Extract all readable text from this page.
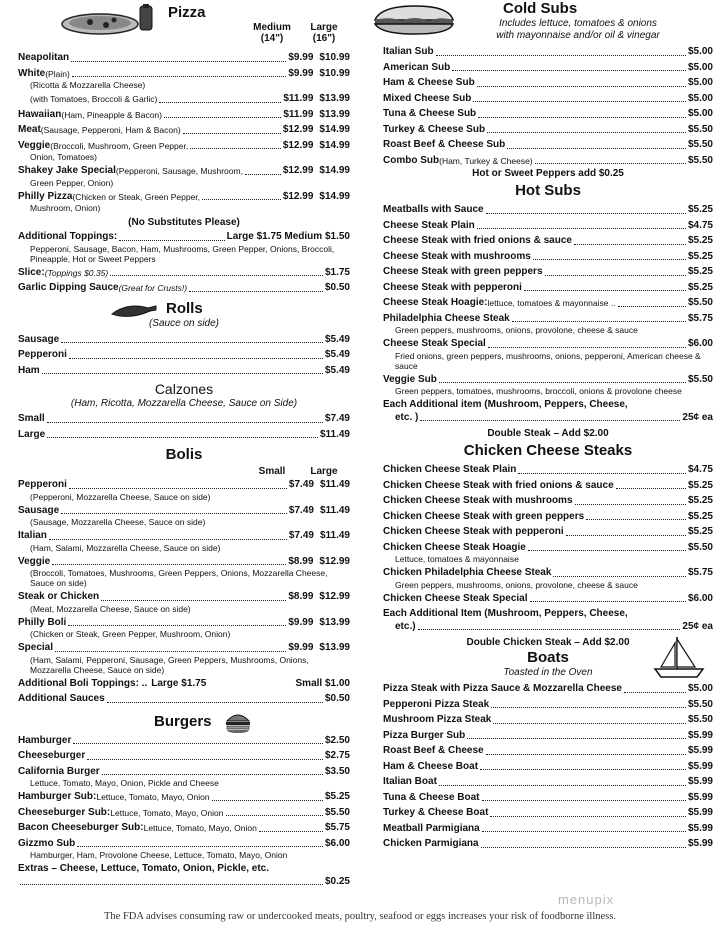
Pizza
Medium
(14")
Large
(16")
Neapolitan	$9.99 $10.99
White (Plain)	$9.99 $10.99
(Ricotta & Mozzarella Cheese)
(with Tomatoes, Broccoli & Garlic)	$11.99 $13.99
Hawaiian (Ham, Pineapple & Bacon)	$11.99 $13.99
Meat (Sausage, Pepperoni, Ham & Bacon)	$12.99 $14.99
Veggie (Broccoli, Mushroom, Green Pepper,	$12.99 $14.99
Onion, Tomatoes)
Shakey Jake Special (Pepperoni, Sausage, Mushroom,	$12.99 $14.99
Green Pepper, Onion)
Philly Pizza (Chicken or Steak, Green Pepper,	$12.99 $14.99
Mushroom, Onion)
(No Substitutes Please)
Additional Toppings:	Large $1.75 Medium $1.50
Pepperoni, Sausage, Bacon, Ham, Mushrooms, Green Pepper, Onions, Broccoli, Pineapple, Hot or Sweet Peppers
Slice: (Toppings $0.35)	$1.75
Garlic Dipping Sauce (Great for Crusts!)	$0.50
Rolls
(Sauce on side)
Sausage	$5.49
Pepperoni	$5.49
Ham	$5.49
Calzones
(Ham, Ricotta, Mozzarella Cheese, Sauce on Side)
Small	$7.49
Large	$11.49
Bolis
Small	Large
Pepperoni	$7.49 $11.49
(Pepperoni, Mozzarella Cheese, Sauce on side)
Sausage	$7.49 $11.49
(Sausage, Mozzarella Cheese, Sauce on side)
Italian	$7.49 $11.49
(Ham, Salami, Mozzarella Cheese, Sauce on side)
Veggie	$8.99 $12.99
(Broccoli, Tomatoes, Mushrooms, Green Peppers, Onions, Mozzarella Cheese, Sauce on side)
Steak or Chicken	$8.99 $12.99
(Meat, Mozzarella Cheese, Sauce on side)
Philly Boli	$9.99 $13.99
(Chicken or Steak, Green Pepper, Mushroom, Onion)
Special	$9.99 $13.99
(Ham, Salami, Pepperoni, Sausage, Green Peppers, Mushrooms, Onions, Mozzarella Cheese, Sauce on side)
Additional Boli Toppings: .. Large $1.75	Small $1.00
Additional Sauces	$0.50
Burgers
Hamburger	$2.50
Cheeseburger	$2.75
California Burger	$3.50
Lettuce, Tomato, Mayo, Onion, Pickle and Cheese
Hamburger Sub: Lettuce, Tomato, Mayo, Onion	$5.25
Cheeseburger Sub: Lettuce, Tomato, Mayo, Onion	$5.50
Bacon Cheeseburger Sub: Lettuce, Tomato, Mayo, Onion	$5.75
Gizzmo Sub	$6.00
Hamburger, Ham, Provolone Cheese, Lettuce, Tomato, Mayo, Onion
Extras – Cheese, Lettuce, Tomato, Onion, Pickle, etc.
$0.25
Cold Subs
Includes lettuce, tomatoes & onions
with mayonnaise and/or oil & vinegar
Italian Sub	$5.00
American Sub	$5.00
Ham & Cheese Sub	$5.00
Mixed Cheese Sub	$5.00
Tuna & Cheese Sub	$5.00
Turkey & Cheese Sub	$5.50
Roast Beef & Cheese Sub	$5.50
Combo Sub (Ham, Turkey & Cheese)	$5.50
Hot or Sweet Peppers add $0.25
Hot Subs
Meatballs with Sauce	$5.25
Cheese Steak Plain	$4.75
Cheese Steak with fried onions & sauce	$5.25
Cheese Steak with mushrooms	$5.25
Cheese Steak with green peppers	$5.25
Cheese Steak with pepperoni	$5.25
Cheese Steak Hoagie: lettuce, tomatoes & mayonnaise ..	$5.50
Philadelphia Cheese Steak	$5.75
Green peppers, mushrooms, onions, provolone, cheese & sauce
Cheese Steak Special	$6.00
Fried onions, green peppers, mushrooms, onions, pepperoni, American cheese & sauce
Veggie Sub	$5.50
Green peppers, tomatoes, mushrooms, broccoli, onions & provolone cheese
Each Additional item (Mushroom, Peppers, Cheese,
etc. )	25¢ ea
Double Steak – Add $2.00
Chicken Cheese Steaks
Chicken Cheese Steak Plain	$4.75
Chicken Cheese Steak with fried onions & sauce	$5.25
Chicken Cheese Steak with mushrooms	$5.25
Chicken Cheese Steak with green peppers	$5.25
Chicken Cheese Steak with pepperoni	$5.25
Chicken Cheese Steak Hoagie	$5.50
Lettuce, tomatoes & mayonnaise
Chicken Philadelphia Cheese Steak	$5.75
Green peppers, mushrooms, onions, provolone, cheese & sauce
Chicken Cheese Steak Special	$6.00
Each Additional Item (Mushroom, Peppers, Cheese,
etc.)	25¢ ea
Double Chicken Steak – Add $2.00
Boats
Toasted in the Oven
Pizza Steak with Pizza Sauce & Mozzarella Cheese	$5.00
Pepperoni Pizza Steak	$5.50
Mushroom Pizza Steak	$5.50
Pizza Burger Sub	$5.99
Roast Beef & Cheese	$5.99
Ham & Cheese Boat	$5.99
Italian Boat	$5.99
Tuna & Cheese Boat	$5.99
Turkey & Cheese Boat	$5.99
Meatball Parmigiana	$5.99
Chicken Parmigiana	$5.99
menupix
The FDA advises consuming raw or undercooked meats, poultry, seafood or eggs increases your risk of foodborne illness.
